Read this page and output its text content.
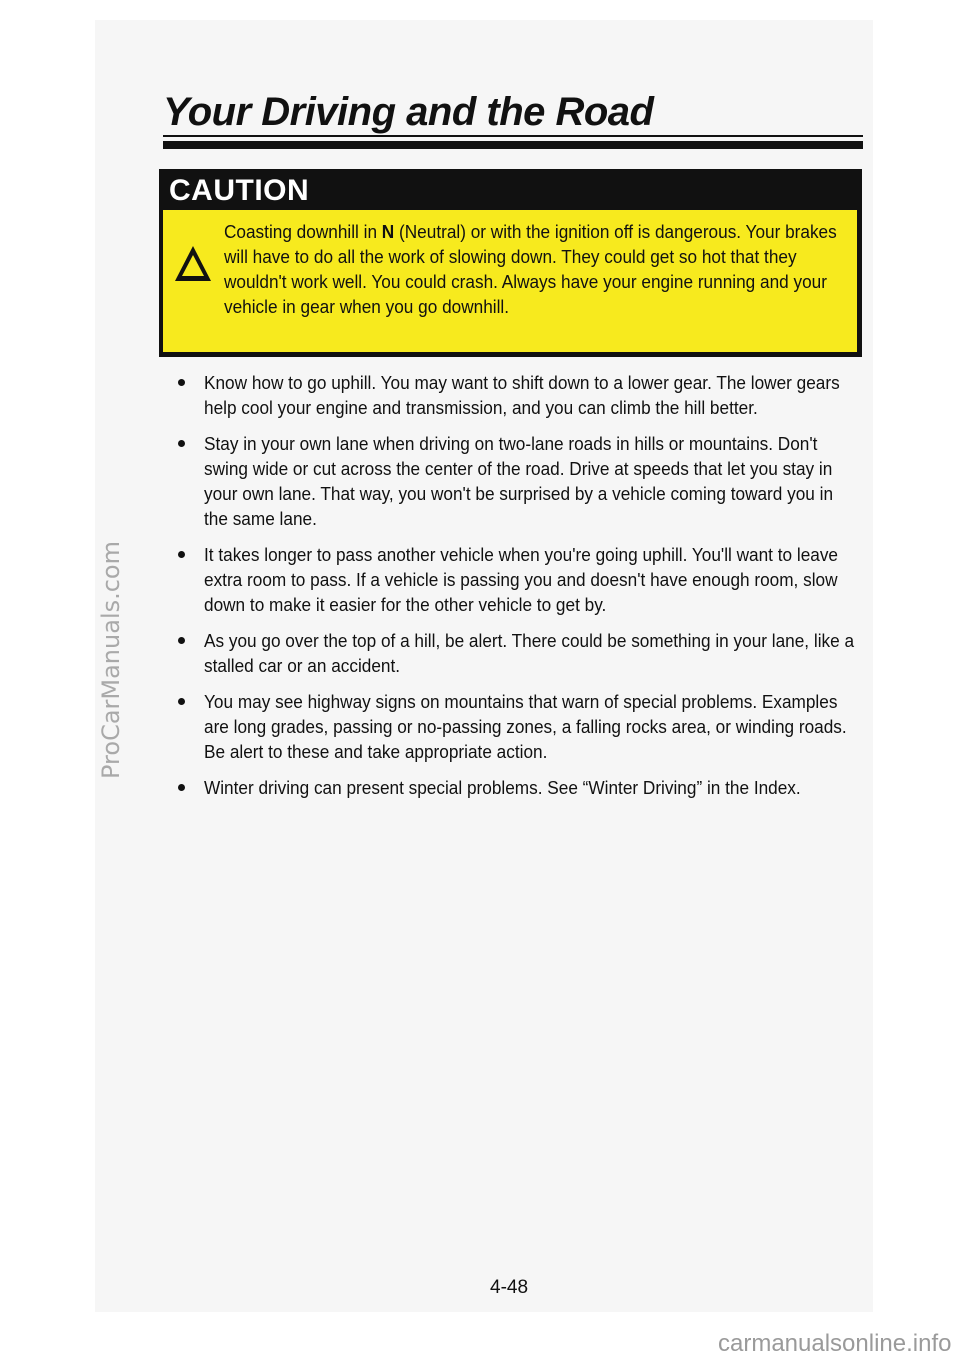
ProCarManuals.com
Your Driving and the Road
CAUTION

Coasting downhill in N (Neutral) or with the ignition off is dangerous. Your brakes will have to do all the work of slowing down. They could get so hot that they wouldn't work well. You could crash. Always have your engine running and your vehicle in gear when you go downhill.

Know how to go uphill. You may want to shift down to a lower gear. The lower gears help cool your engine and transmission, and you can climb the hill better.
Stay in your own lane when driving on two-lane roads in hills or mountains. Don't swing wide or cut across the center of the road. Drive at speeds that let you stay in your own lane. That way, you won't be surprised by a vehicle coming toward you in the same lane.
It takes longer to pass another vehicle when you're going uphill. You'll want to leave extra room to pass. If a vehicle is passing you and doesn't have enough room, slow down to make it easier for the other vehicle to get by.
As you go over the top of a hill, be alert. There could be something in your lane, like a stalled car or an accident.
You may see highway signs on mountains that warn of special problems. Examples are long grades, passing or no-passing zones, a falling rocks area, or winding roads. Be alert to these and take appropriate action.
Winter driving can present special problems. See “Winter Driving” in the Index.

4-48

carmanualsonline.info
